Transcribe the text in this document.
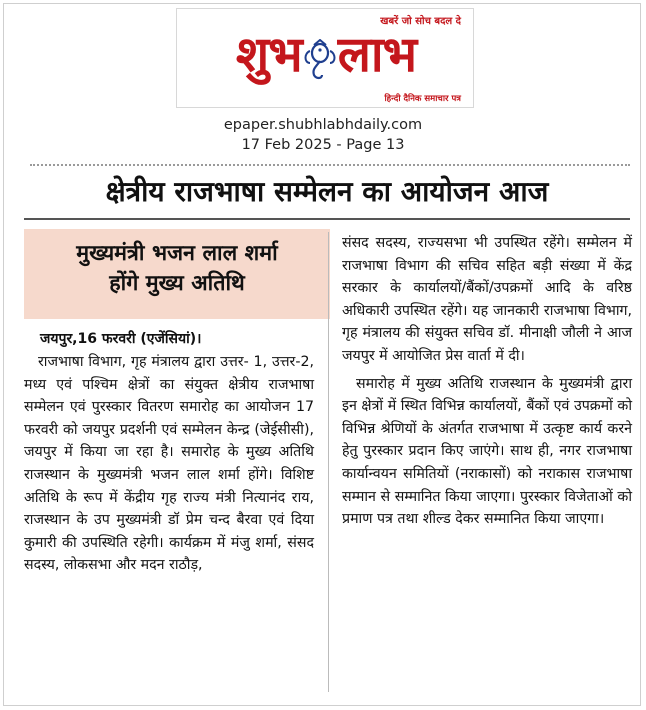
खबरें जो सोच बदल दे
शुभ लाभ
हिन्दी दैनिक समाचार पत्र
epaper.shubhlabhdaily.com
17 Feb 2025 - Page 13
क्षेत्रीय राजभाषा सम्मेलन का आयोजन आज
मुख्यमंत्री भजन लाल शर्मा
होंगे मुख्य अतिथि
जयपुर,16 फरवरी (एजेंसियां)।

राजभाषा विभाग, गृह मंत्रालय द्वारा उत्तर- 1, उत्तर-2, मध्य एवं पश्चिम क्षेत्रों का संयुक्त क्षेत्रीय राजभाषा सम्मेलन एवं पुरस्कार वितरण समारोह का आयोजन 17 फरवरी को जयपुर प्रदर्शनी एवं सम्मेलन केन्द्र (जेईसीसी), जयपुर में किया जा रहा है। समारोह के मुख्य अतिथि राजस्थान के मुख्यमंत्री भजन लाल शर्मा होंगे। विशिष्ट अतिथि के रूप में केंद्रीय गृह राज्य मंत्री नित्यानंद राय, राजस्थान के उप मुख्यमंत्री डॉ प्रेम चन्द बैरवा एवं दिया कुमारी की उपस्थिति रहेगी। कार्यक्रम में मंजु शर्मा, संसद सदस्य, लोकसभा और मदन राठौड़,

संसद सदस्य, राज्यसभा भी उपस्थित रहेंगे। सम्मेलन में राजभाषा विभाग की सचिव सहित बड़ी संख्या में केंद्र सरकार के कार्यालयों/बैंकों/उपक्रमों आदि के वरिष्ठ अधिकारी उपस्थित रहेंगे। यह जानकारी राजभाषा विभाग, गृह मंत्रालय की संयुक्त सचिव डॉ. मीनाक्षी जौली ने आज जयपुर में आयोजित प्रेस वार्ता में दी।

समारोह में मुख्य अतिथि राजस्थान के मुख्यमंत्री द्वारा इन क्षेत्रों में स्थित विभिन्न कार्यालयों, बैंकों एवं उपक्रमों को विभिन्न श्रेणियों के अंतर्गत राजभाषा में उत्कृष्ट कार्य करने हेतु पुरस्कार प्रदान किए जाएंगे। साथ ही, नगर राजभाषा कार्यान्वयन समितियों (नराकासों) को नराकास राजभाषा सम्मान से सम्मानित किया जाएगा। पुरस्कार विजेताओं को प्रमाण पत्र तथा शील्ड देकर सम्मानित किया जाएगा।
